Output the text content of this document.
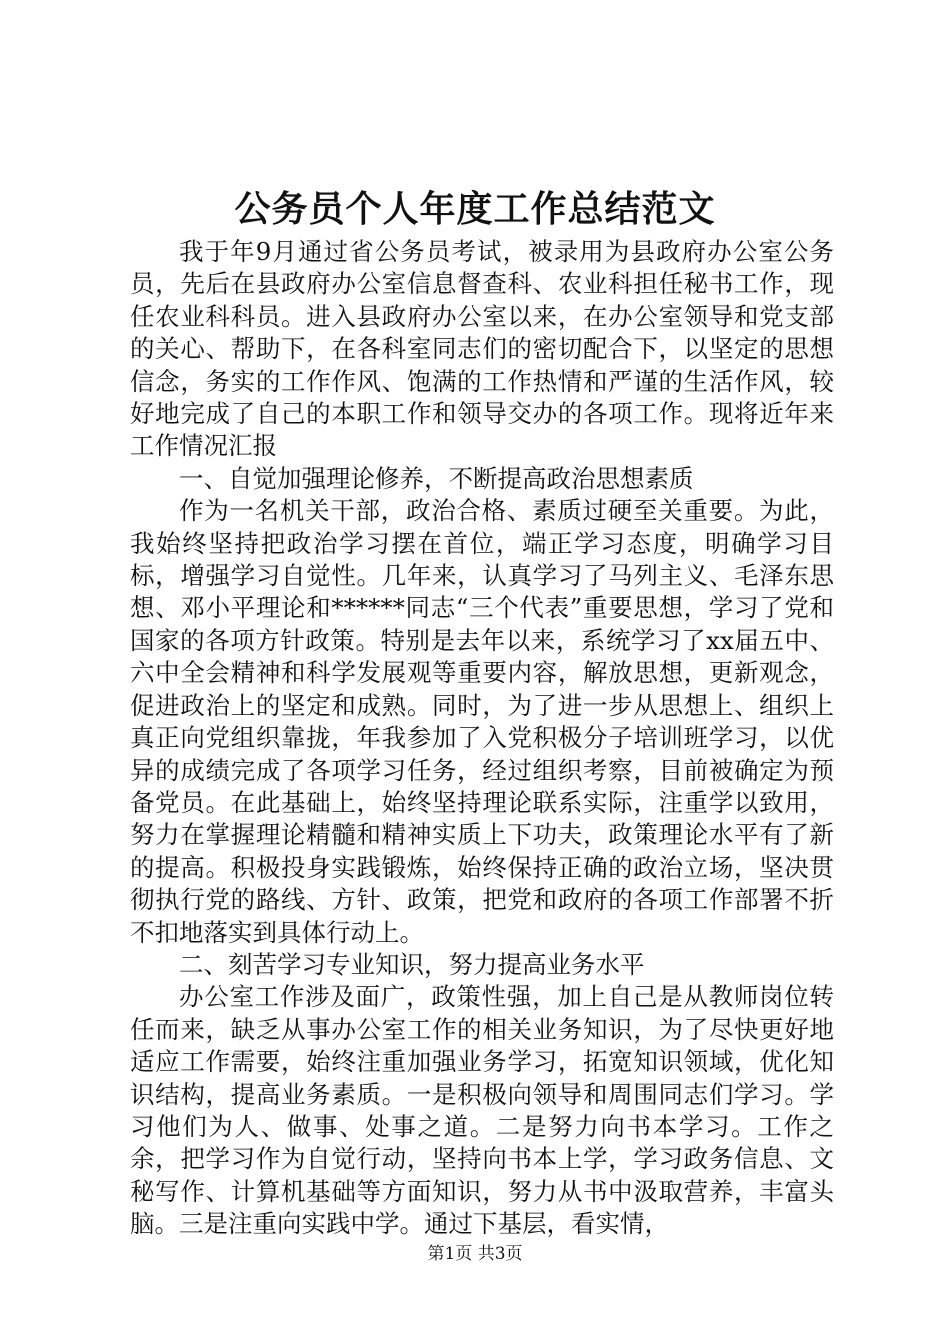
公务员个人年度工作总结范文

我于年9月通过省公务员考试，被录用为县政府办公室公务员，先后在县政府办公室信息督查科、农业科担任秘书工作，现任农业科科员。进入县政府办公室以来，在办公室领导和党支部的关心、帮助下，在各科室同志们的密切配合下，以坚定的思想信念，务实的工作作风、饱满的工作热情和严谨的生活作风，较好地完成了自己的本职工作和领导交办的各项工作。现将近年来工作情况汇报

一、自觉加强理论修养，不断提高政治思想素质

作为一名机关干部，政治合格、素质过硬至关重要。为此，我始终坚持把政治学习摆在首位，端正学习态度，明确学习目标，增强学习自觉性。几年来，认真学习了马列主义、毛泽东思想、邓小平理论和******同志“三个代表”重要思想，学习了党和国家的各项方针政策。特别是去年以来，系统学习了xx届五中、六中全会精神和科学发展观等重要内容，解放思想，更新观念，促进政治上的坚定和成熟。同时，为了进一步从思想上、组织上真正向党组织靠拢，年我参加了入党积极分子培训班学习，以优异的成绩完成了各项学习任务，经过组织考察，目前被确定为预备党员。在此基础上，始终坚持理论联系实际，注重学以致用，努力在掌握理论精髓和精神实质上下功夫，政策理论水平有了新的提高。积极投身实践锻炼，始终保持正确的政治立场，坚决贯彻执行党的路线、方针、政策，把党和政府的各项工作部署不折不扣地落实到具体行动上。

二、刻苦学习专业知识，努力提高业务水平

办公室工作涉及面广，政策性强，加上自己是从教师岗位转任而来，缺乏从事办公室工作的相关业务知识，为了尽快更好地适应工作需要，始终注重加强业务学习，拓宽知识领域，优化知识结构，提高业务素质。一是积极向领导和周围同志们学习。学习他们为人、做事、处事之道。二是努力向书本学习。工作之余，把学习作为自觉行动，坚持向书本上学，学习政务信息、文秘写作、计算机基础等方面知识，努力从书中汲取营养，丰富头脑。三是注重向实践中学。通过下基层，看实情，

第1页 共3页
